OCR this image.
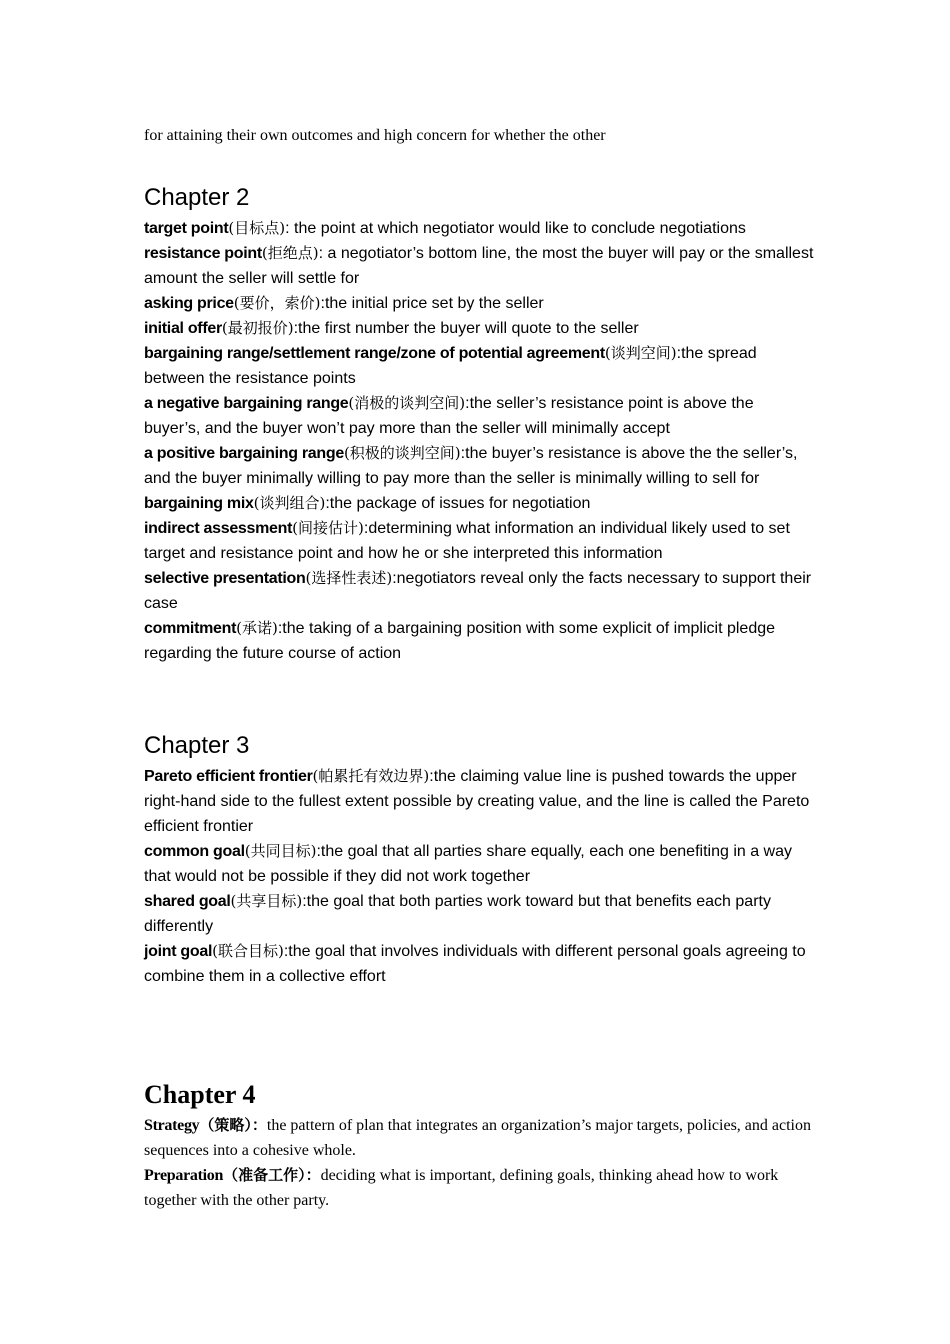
for attaining their own outcomes and high concern for whether the other
Chapter 2

target point(目标点): the point at which negotiator would like to conclude negotiations

resistance point(拒绝点): a negotiator’s bottom line, the most the buyer will pay or the smallest amount the seller will settle for

asking price(要价，索价):the initial price set by the seller

initial offer(最初报价):the first number the buyer will quote to the seller

bargaining range/settlement range/zone of potential agreement(谈判空间):the spread between the resistance points

a negative bargaining range(消极的谈判空间):the seller’s resistance point is above the buyer’s, and the buyer won’t pay more than the seller will minimally accept

a positive bargaining range(积极的谈判空间):the buyer’s resistance is above the the seller’s, and the buyer minimally willing to pay more than the seller is minimally willing to sell for

bargaining mix(谈判组合):the package of issues for negotiation

indirect assessment(间接估计):determining what information an individual likely used to set target and resistance point and how he or she interpreted this information

selective presentation(选择性表述):negotiators reveal only the facts necessary to support their case

commitment(承诺):the taking of a bargaining position with some explicit of implicit pledge regarding the future course of action

Chapter 3

Pareto efficient frontier(帕累托有效边界):the claiming value line is pushed towards the upper right-hand side to the fullest extent possible by creating value, and the line is called the Pareto efficient frontier

common goal(共同目标):the goal that all parties share equally, each one benefiting in a way that would not be possible if they did not work together

shared goal(共享目标):the goal that both parties work toward but that benefits each party differently

joint goal(联合目标):the goal that involves individuals with different personal goals agreeing to combine them in a collective effort

Chapter 4

Strategy（策略）：the pattern of plan that integrates an organization’s major targets, policies, and action sequences into a cohesive whole.

Preparation（准备工作）：deciding what is important, defining goals, thinking ahead how to work together with the other party.
